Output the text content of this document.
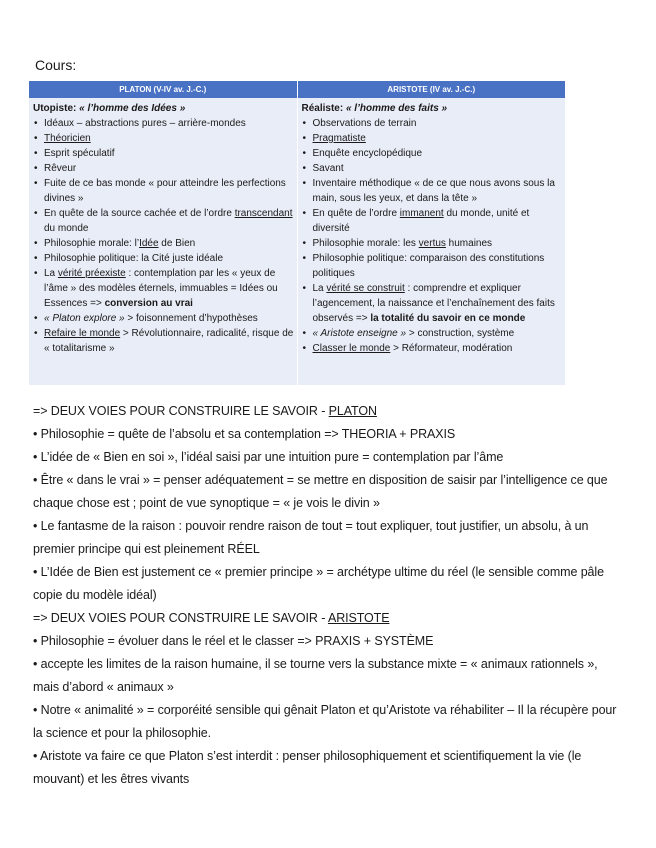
Cours:
PLATON (V-IV av. J.-C.)
Utopiste: « l’homme des Idées »
• Idéaux – abstractions pures – arrière-mondes
• Théoricien
• Esprit spéculatif
• Rêveur
• Fuite de ce bas monde « pour atteindre les perfections divines »
• En quête de la source cachée et de l’ordre transcendant du monde
• Philosophie morale: l’Idée de Bien
• Philosophie politique: la Cité juste idéale
• La vérité préexiste : contemplation par les « yeux de l’âme » des modèles éternels, immuables = Idées ou Essences => conversion au vrai
• « Platon explore » > foisonnement d’hypothèses
• Refaire le monde > Révolutionnaire, radicalité, risque de « totalitarisme »
ARISTOTE (IV av. J.-C.)
Réaliste: « l’homme des faits »
• Observations de terrain
• Pragmatiste
• Enquête encyclopédique
• Savant
• Inventaire méthodique « de ce que nous avons sous la main, sous les yeux, et dans la tête »
• En quête de l’ordre immanent du monde, unité et diversité
• Philosophie morale: les vertus humaines
• Philosophie politique: comparaison des constitutions politiques
• La vérité se construit : comprendre et expliquer l’agencement, la naissance et l’enchaînement des faits observés => la totalité du savoir en ce monde
• « Aristote enseigne » > construction, système
• Classer le monde > Réformateur, modération

=> DEUX VOIES POUR CONSTRUIRE LE SAVOIR - PLATON

• Philosophie = quête de l’absolu et sa contemplation => THEORIA + PRAXIS

• L’idée de « Bien en soi », l’idéal saisi par une intuition pure = contemplation par l’âme

• Être « dans le vrai » = penser adéquatement = se mettre en disposition de saisir par l’intelligence ce que chaque chose est ; point de vue synoptique = « je vois le divin »

• Le fantasme de la raison : pouvoir rendre raison de tout = tout expliquer, tout justifier, un absolu, à un premier principe qui est pleinement RÉEL

• L’Idée de Bien est justement ce « premier principe » = archétype ultime du réel (le sensible comme pâle copie du modèle idéal)

=> DEUX VOIES POUR CONSTRUIRE LE SAVOIR - ARISTOTE

• Philosophie = évoluer dans le réel et le classer => PRAXIS + SYSTÈME

• accepte les limites de la raison humaine, il se tourne vers la substance mixte = « animaux rationnels », mais d’abord « animaux »

• Notre « animalité » = corporéité sensible qui gênait Platon et qu’Aristote va réhabiliter – Il la récupère pour la science et pour la philosophie.

• Aristote va faire ce que Platon s’est interdit : penser philosophiquement et scientifiquement la vie (le mouvant) et les êtres vivants
